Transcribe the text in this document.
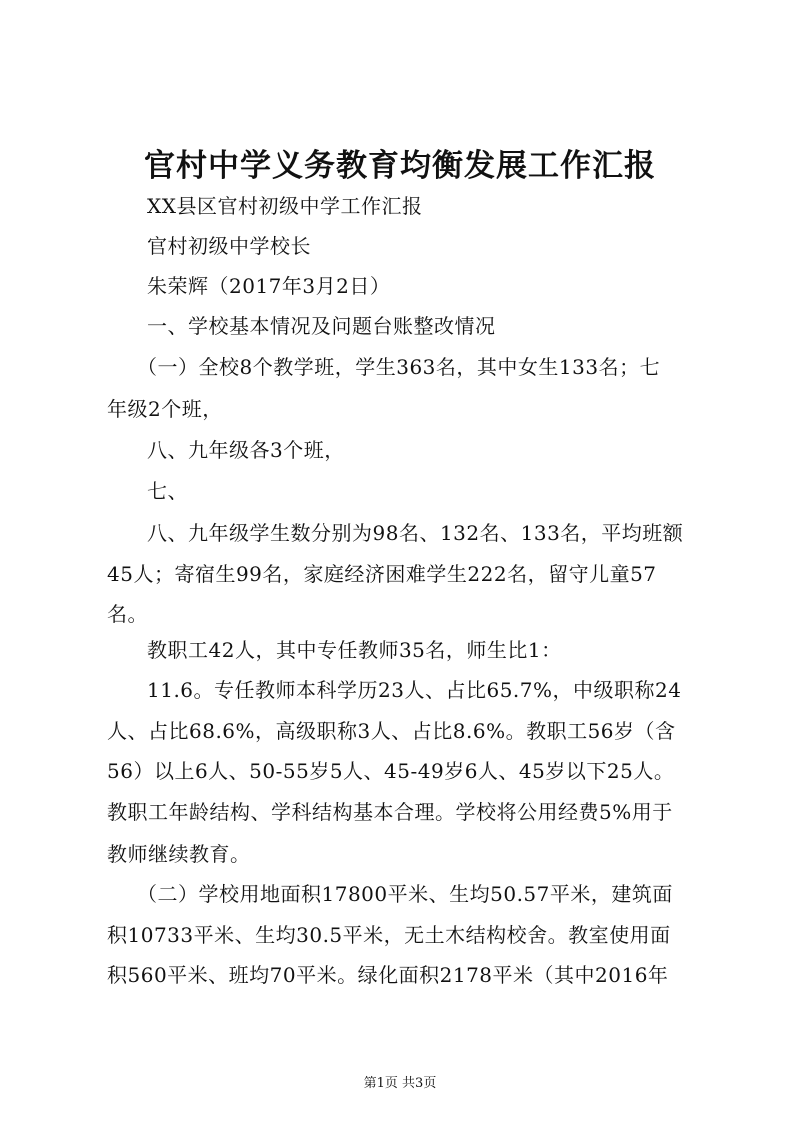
官村中学义务教育均衡发展工作汇报
XX县区官村初级中学工作汇报
官村初级中学校长
朱荣辉（2017年3月2日）
一、学校基本情况及问题台账整改情况
（一）全校8个教学班，学生363名，其中女生133名；七
年级2个班，
八、九年级各3个班，
七、
八、九年级学生数分别为98名、132名、133名，平均班额
45人；寄宿生99名，家庭经济困难学生222名，留守儿童57
名。
教职工42人，其中专任教师35名，师生比1：
11.6。专任教师本科学历23人、占比65.7%，中级职称24
人、占比68.6%，高级职称3人、占比8.6%。教职工56岁（含
56）以上6人、50-55岁5人、45-49岁6人、45岁以下25人。
教职工年龄结构、学科结构基本合理。学校将公用经费5%用于
教师继续教育。
（二）学校用地面积17800平米、生均50.57平米，建筑面
积10733平米、生均30.5平米，无土木结构校舍。教室使用面
积560平米、班均70平米。绿化面积2178平米（其中2016年
第1页 共3页
